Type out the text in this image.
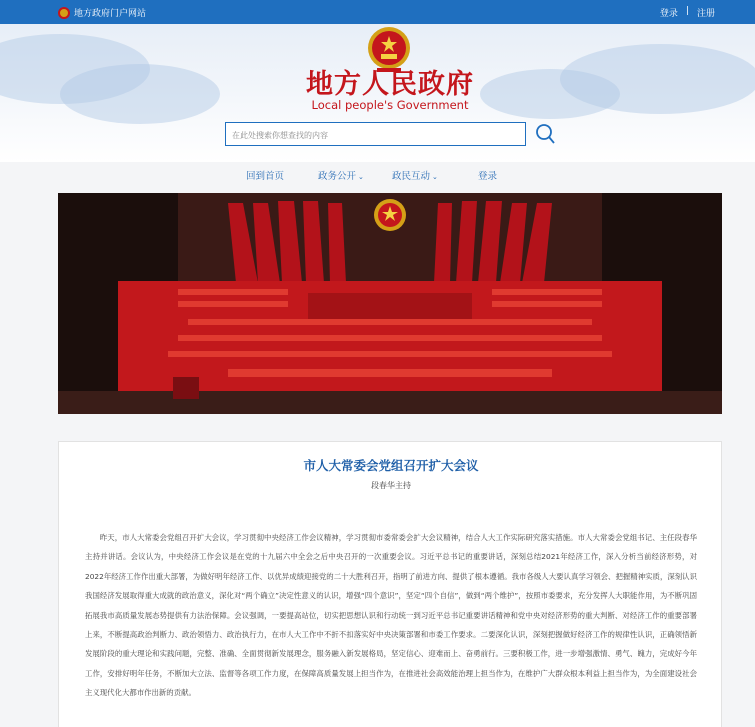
地方政府门户网站	登录 | 注册
地方人民政府
Local people's Government
在此处搜索你想查找的内容
回到首页	政务公开 ⌄	政民互动 ⌄	登录
市人大常委会党组召开扩大会议
段春华主持
昨天，市人大常委会党组召开扩大会议，学习贯彻中央经济工作会议精神，学习贯彻市委常委会扩大会议精神，结合人大工作实际研究落实措施。市人大常委会党组书记、主任段春华主持并讲话。会议认为，中央经济工作会议是在党的十九届六中全会之后中央召开的一次重要会议。习近平总书记的重要讲话，深刻总结2021年经济工作，深入分析当前经济形势，对2022年经济工作作出重大部署，为做好明年经济工作、以优异成绩迎接党的二十大胜利召开，指明了前进方向、提供了根本遵循。我市各级人大要认真学习领会、把握精神实质，深刻认识我国经济发展取得重大成就的政治意义，深化对“两个确立”决定性意义的认识，增强“四个意识”，坚定“四个自信”，做到“两个维护”，按照市委要求，充分发挥人大职能作用，为不断巩固拓展我市高质量发展态势提供有力法治保障。会议强调，一要提高站位，切实把思想认识和行动统一到习近平总书记重要讲话精神和党中央对经济形势的重大判断、对经济工作的重要部署上来，不断提高政治判断力、政治领悟力、政治执行力，在市人大工作中不折不扣落实好中央决策部署和市委工作要求。二要深化认识，深刻把握做好经济工作的规律性认识，正确领悟新发展阶段的重大理论和实践问题，完整、准确、全面贯彻新发展理念，服务融入新发展格局，坚定信心、迎难而上、奋勇前行。三要积极工作，进一步增强激情、勇气、魄力，完成好今年工作，安排好明年任务，不断加大立法、监督等各项工作力度，在保障高质量发展上担当作为，在推进社会高效能治理上担当作为，在维护广大群众根本利益上担当作为，为全面建设社会主义现代化大都市作出新的贡献。
